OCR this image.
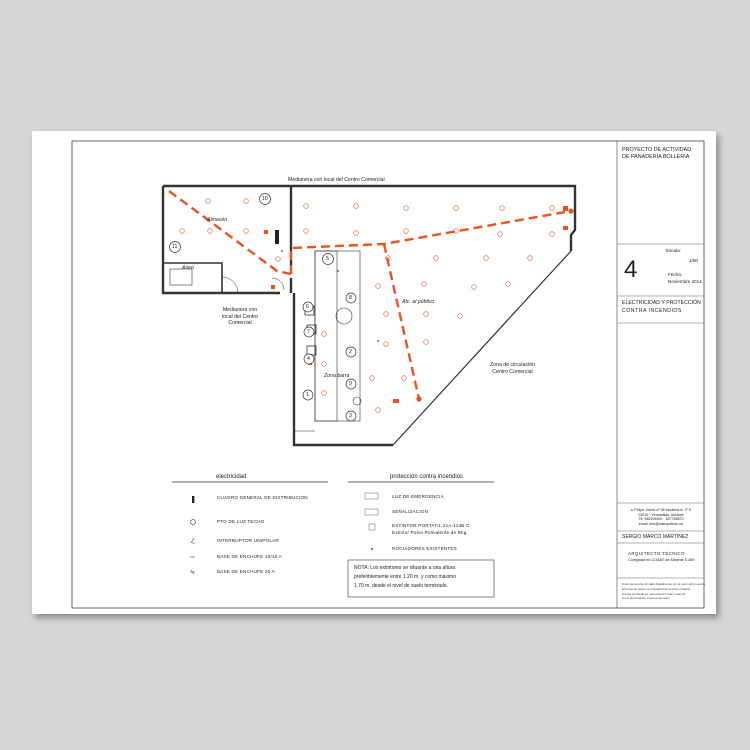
Medianera con local del Centro Comercial
Medianera con
local del Centro
Comercial
Zona de circulación
Centro Comercial
Almacén
Aseo
Atc. al público
Zona barra
10
11
5
6
7
4
1
8
2
9
3
electricidad
CUADRO GENERAL DE DISTRIBUCION
PTO DE LUZ TECHO
INTERRUPTOR UNIPOLAR
BASE DE ENCHUFE 10/16 A
BASE DE ENCHUFE 25 A
protección contra incendios
LUZ DE EMERGENCIA
SEÑALIZACION
EXTINTOR PORTATIL 21A-113B C
Extintor Polvo Polivalente de 6Kg.
ROCIADORES EXISTENTES
NOTA: Los extintores se situarán a una altura
preferiblemente entre 1.20 m. y como máximo
1,70 m. desde el nivel de suelo terminado.
PROYECTO DE ACTIVIDAD
DE PANADERIA BOLLERIA
4
Escala:
1/50
Fecha:
Noviembre 2014
ELECTRICIDAD Y PROTECCIÓN
CONTRA INCENDIOS
c/ Felipe Jorrón nº 36 escalera A, 1º D
03015 · Ventanillas, Alicante
Tlf: 965109302 · 607765870
email: info@sdarquitecto.es
SERGIO MARCO MARTÍNEZ
ARQUITECTO TÉCNICO
Colegiado en COAAT de Alicante 5.469
Nota documento firmado digitalmente por el autor del proyecto
El presente plano es propiedad del técnico redactor
Queda prohibida su reproducción total o parcial
sin la autorización expresa del autor
